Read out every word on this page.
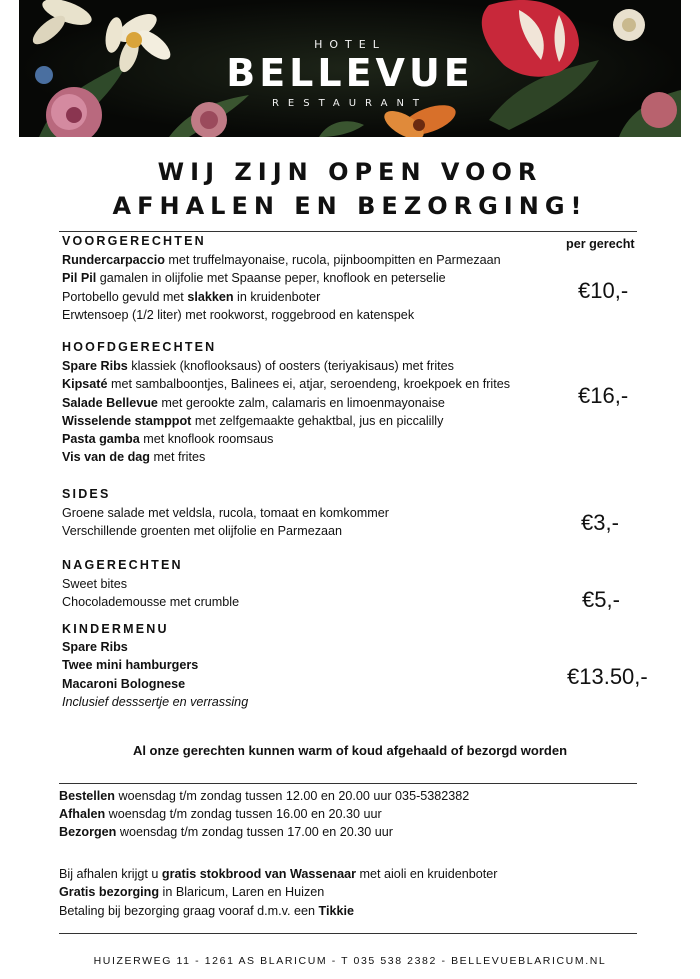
HOTEL
BELLEVUE
RESTAURANT
WIJ ZIJN OPEN VOOR
AFHALEN EN BEZORGING!
VOORGERECHTEN	per gerecht
Rundercarpaccio met truffelmayonaise, rucola, pijnboompitten en Parmezaan
Pil Pil gamalen in olijfolie met Spaanse peper, knoflook en peterselie
Portobello gevuld met slakken in kruidenboter
Erwtensoep (1/2 liter) met rookworst, roggebrood en katenspek
€10,-
HOOFDGERECHTEN
Spare Ribs klassiek (knoflooksaus) of oosters (teriyakisaus) met frites
Kipsaté met sambalboontjes, Balinees ei, atjar, seroendeng, kroekpoek en frites
Salade Bellevue met gerookte zalm, calamaris en limoenmayonaise
Wisselende stamppot met zelfgemaakte gehaktbal, jus en piccalilly
Pasta gamba met knoflook roomsaus
Vis van de dag met frites
€16,-
SIDES
Groene salade met veldsla, rucola, tomaat en komkommer
Verschillende groenten met olijfolie en Parmezaan	€3,-
NAGERECHTEN
Sweet bites
Chocolademousse met crumble	€5,-
KINDERMENU
Spare Ribs
Twee mini hamburgers
Macaroni Bolognese
Inclusief desssertje en verrassing
€13.50,-
Al onze gerechten kunnen warm of koud afgehaald of bezorgd worden
Bestellen woensdag t/m zondag tussen 12.00 en 20.00 uur 035-5382382
Afhalen woensdag t/m zondag tussen 16.00 en 20.30 uur
Bezorgen woensdag t/m zondag tussen 17.00 en 20.30 uur
Bij afhalen krijgt u gratis stokbrood van Wassenaar met aioli en kruidenboter
Gratis bezorging in Blaricum, Laren en Huizen
Betaling bij bezorging graag vooraf d.m.v. een Tikkie
HUIZERWEG 11 - 1261 AS BLARICUM - T 035 538 2382 - BELLEVUEBLARICUM.NL
